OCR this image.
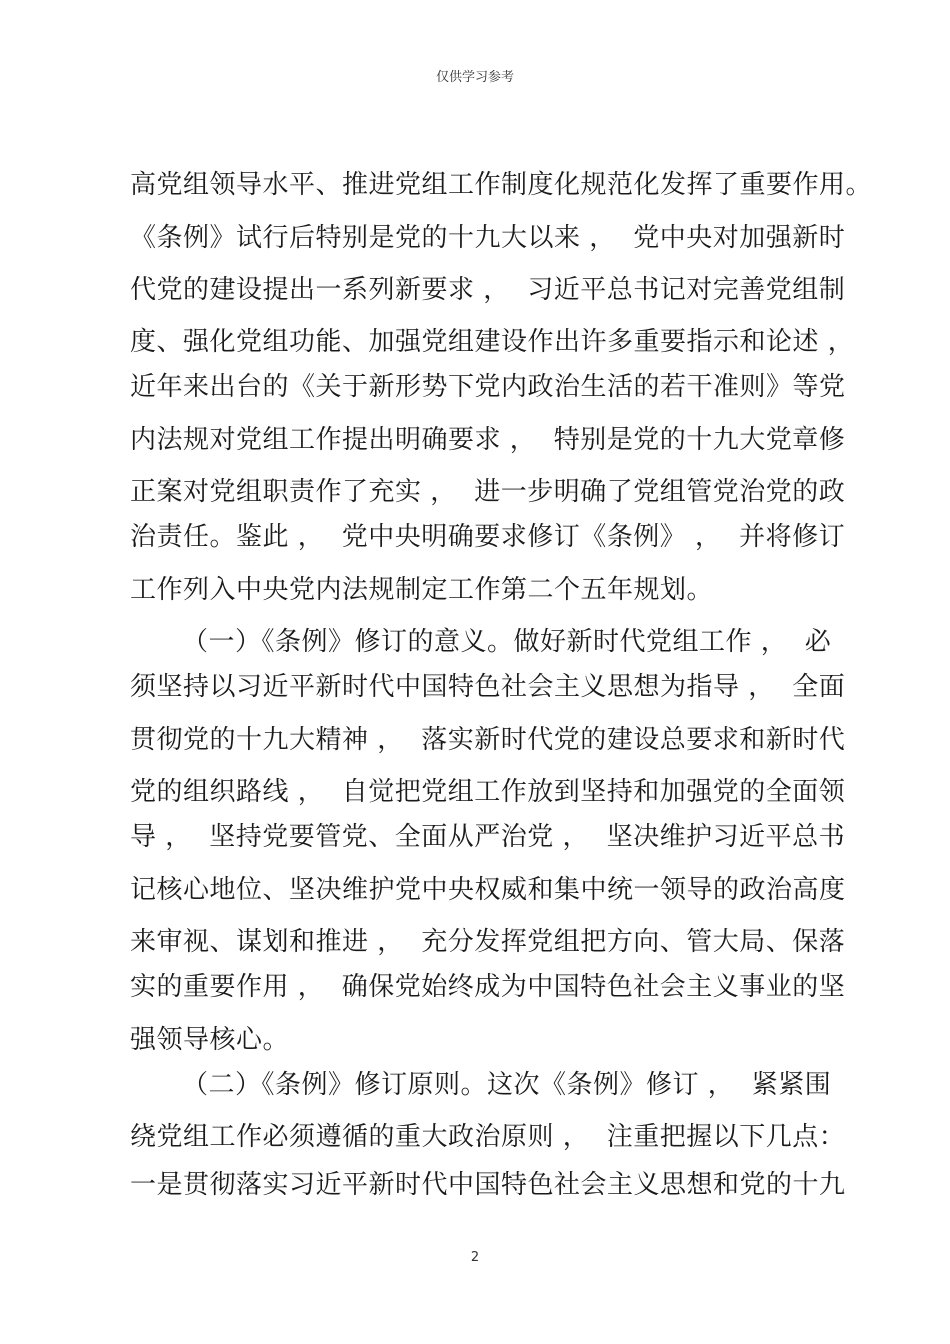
仅供学习参考
高党组领导水平、推进党组工作制度化规范化发挥了重要作用。
《条例》试行后特别是党的十九大以来 ，  党中央对加强新时
代党的建设提出一系列新要求 ，  习近平总书记对完善党组制
度、强化党组功能、加强党组建设作出许多重要指示和论述 ，
近年来出台的《关于新形势下党内政治生活的若干准则》等党
内法规对党组工作提出明确要求 ，  特别是党的十九大党章修
正案对党组职责作了充实 ，  进一步明确了党组管党治党的政
治责任。鉴此 ，  党中央明确要求修订《条例》 ，  并将修订
工作列入中央党内法规制定工作第二个五年规划。
（一）《条例》修订的意义。做好新时代党组工作 ，  必
须坚持以习近平新时代中国特色社会主义思想为指导 ，  全面
贯彻党的十九大精神 ，  落实新时代党的建设总要求和新时代
党的组织路线 ，  自觉把党组工作放到坚持和加强党的全面领
导 ，  坚持党要管党、全面从严治党 ，  坚决维护习近平总书
记核心地位、坚决维护党中央权威和集中统一领导的政治高度
来审视、谋划和推进 ，  充分发挥党组把方向、管大局、保落
实的重要作用 ，  确保党始终成为中国特色社会主义事业的坚
强领导核心。
（二）《条例》修订原则。这次《条例》修订 ，  紧紧围
绕党组工作必须遵循的重大政治原则 ，  注重把握以下几点：
一是贯彻落实习近平新时代中国特色社会主义思想和党的十九
2
